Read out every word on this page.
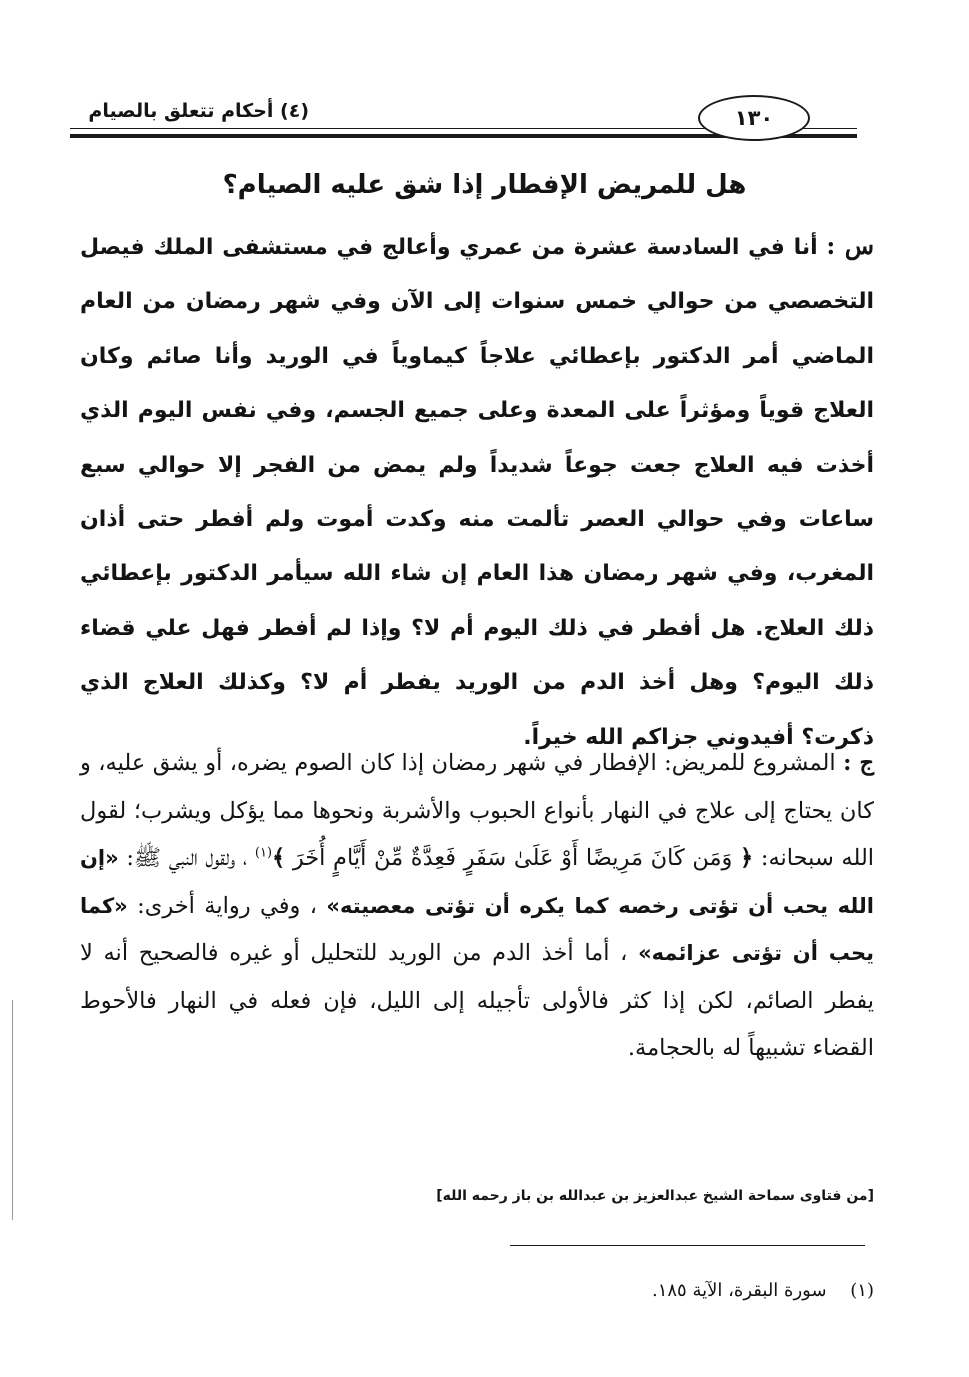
١٣٠
(٤) أحكام تتعلق بالصيام
هل للمريض الإفطار إذا شق عليه الصيام؟
س : أنا في السادسة عشرة من عمري وأعالج في مستشفى الملك فيصل التخصصي من حوالي خمس سنوات إلى الآن وفي شهر رمضان من العام الماضي أمر الدكتور بإعطائي علاجاً كيماوياً في الوريد وأنا صائم وكان العلاج قوياً ومؤثراً على المعدة وعلى جميع الجسم، وفي نفس اليوم الذي أخذت فيه العلاج جعت جوعاً شديداً ولم يمض من الفجر إلا حوالي سبع ساعات وفي حوالي العصر تألمت منه وكدت أموت ولم أفطر حتى أذان المغرب، وفي شهر رمضان هذا العام إن شاء الله سيأمر الدكتور بإعطائي ذلك العلاج. هل أفطر في ذلك اليوم أم لا؟ وإذا لم أفطر فهل علي قضاء ذلك اليوم؟ وهل أخذ الدم من الوريد يفطر أم لا؟ وكذلك العلاج الذي ذكرت؟ أفيدوني جزاكم الله خيراً.
ج : المشروع للمريض: الإفطار في شهر رمضان إذا كان الصوم يضره، أو يشق عليه، و كان يحتاج إلى علاج في النهار بأنواع الحبوب والأشربة ونحوها مما يؤكل ويشرب؛ لقول الله سبحانه: ﴿ وَمَن كَانَ مَرِيضًا أَوْ عَلَىٰ سَفَرٍ فَعِدَّةٌ مِّنْ أَيَّامٍ أُخَرَ ﴾$^{(١)}$ ، ولقول النبي ﷺ: «إن الله يحب أن تؤتى رخصه كما يكره أن تؤتى معصيته» ، وفي رواية أخرى: «كما يحب أن تؤتى عزائمه» ، أما أخذ الدم من الوريد للتحليل أو غيره فالصحيح أنه لا يفطر الصائم، لكن إذا كثر فالأولى تأجيله إلى الليل، فإن فعله في النهار فالأحوط القضاء تشبيهاً له بالحجامة.
[من فتاوى سماحة الشيخ عبدالعزيز بن عبدالله بن باز رحمه الله]
(١) سورة البقرة، الآية ١٨٥.
